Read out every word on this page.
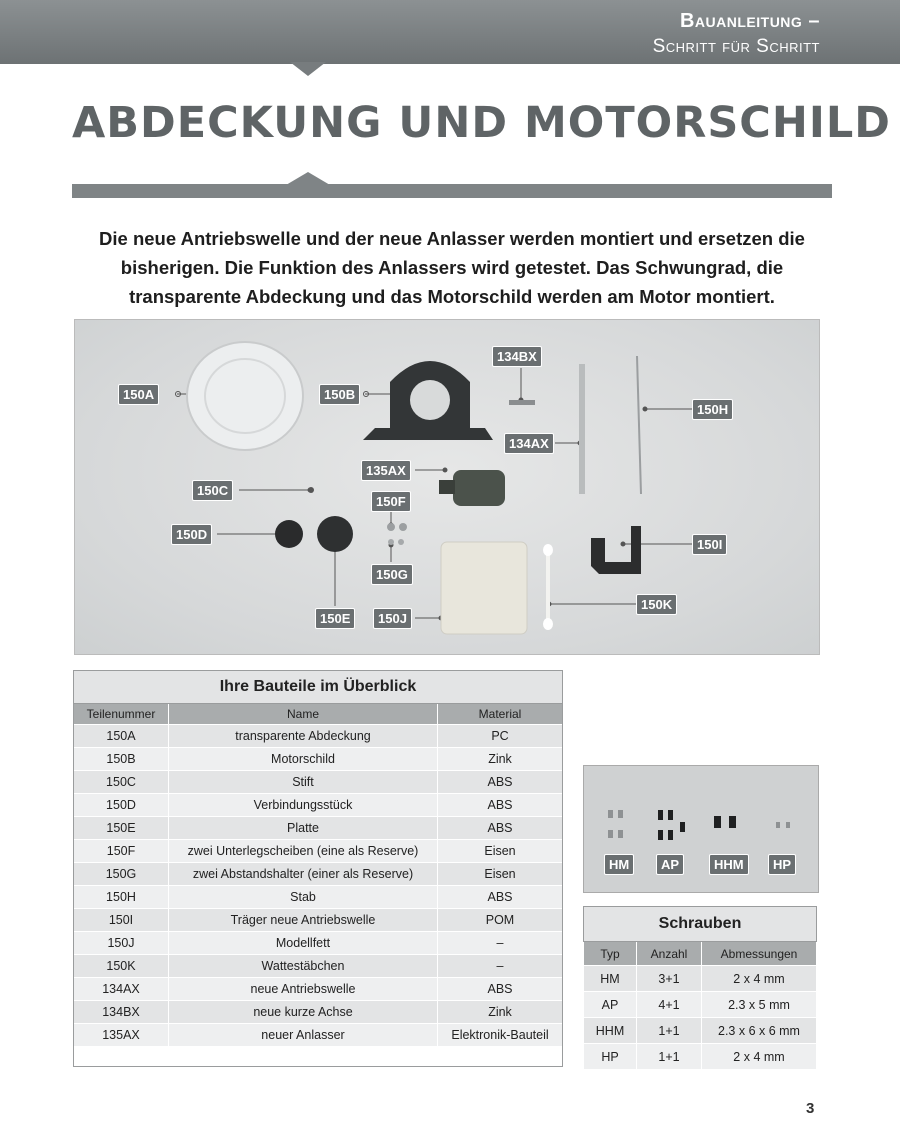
Bauanleitung –
Schritt für Schritt
ABDECKUNG UND MOTORSCHILD
Die neue Antriebswelle und der neue Anlasser werden montiert und ersetzen die bisherigen. Die Funktion des Anlassers wird getestet. Das Schwungrad, die transparente Abdeckung und das Motorschild werden am Motor montiert.
150A	150B
134BX
150H
134AX
135AX
150C
150F
150D
150I
150G
150K
150E	150J
Ihre Bauteile im Überblick		
Teilenummer	Name	Material
150A	transparente Abdeckung	PC
150B	Motorschild	Zink
150C	Stift	ABS
150D	Verbindungsstück	ABS
150E	Platte	ABS
150F	zwei Unterlegscheiben (eine als Reserve)	Eisen
150G	zwei Abstandshalter (einer als Reserve)	Eisen
150H	Stab	ABS
150I	Träger neue Antriebswelle	POM
150J	Modellfett	–
150K	Wattestäbchen	–
134AX	neue Antriebswelle	ABS
134BX	neue kurze Achse	Zink
135AX	neuer Anlasser	Elektronik-Bauteil
HM	AP	HHM	HP
Schrauben		
Typ	Anzahl	Abmessungen
HM	3+1	2 x 4 mm
AP	4+1	2.3 x 5 mm
HHM	1+1	2.3 x 6 x 6 mm
HP	1+1	2 x 4 mm
3
